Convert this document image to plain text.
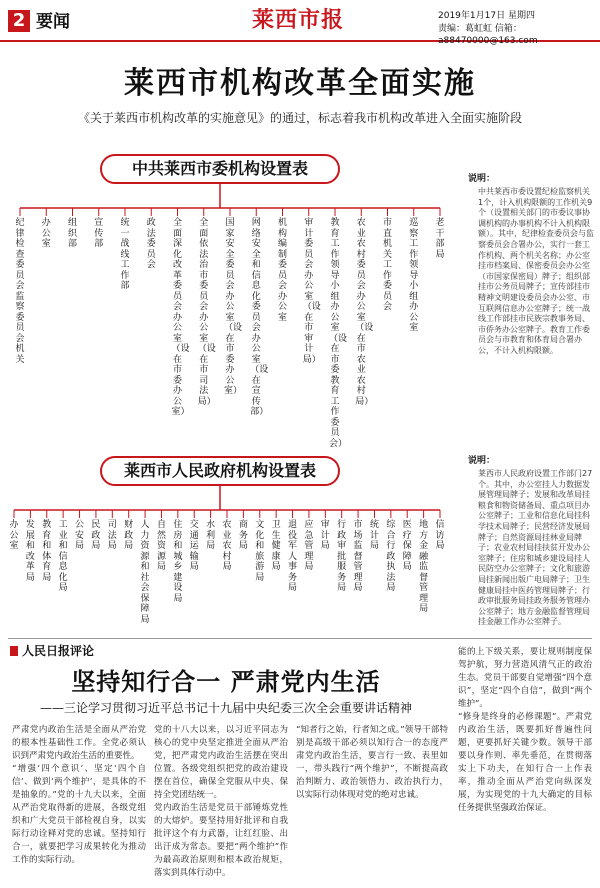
2 要闻	莱西市报	2019年1月17日 星期四
责编：葛虹虹 信箱：a88470000@163.com
莱西市机构改革全面实施
《关于莱西市机构改革的实施意见》的通过，标志着我市机构改革进入全面实施阶段
中共莱西市委机构设置表
纪律检查委员会监察委员会机关
办公室
组织部
宣传部
统一战线工作部
政法委员会
全面深化改革委员会办公室（设在市委办公室）
全面依法治市委员会办公室（设在市司法局）
国家安全委员会办公室（设在市委办公室）
网络安全和信息化委员会办公室（设在宣传部）
机构编制委员会办公室
审计委员会办公室（设在市审计局）
教育工作领导小组办公室（设在市委教育工作委员会）
农业农村委员会办公室（设在市农业农村局）
市直机关工作委员会
巡察工作领导小组办公室
老干部局
说明：
中共莱西市委设置纪检监察机关1个，计入机构限额的工作机关9个（设置相关部门的市委议事协调机构的办事机构不计入机构限额）。其中，纪律检查委员会与监察委员会合署办公，实行一套工作机构、两个机关名称；办公室挂市档案局、保密委员会办公室（市国家保密局）牌子；组织部挂市公务员局牌子；宣传部挂市精神文明建设委员会办公室、市互联网信息办公室牌子；统一战线工作部挂市民族宗教事务局、市侨务办公室牌子。教育工作委员会与市教育和体育局合署办公，不计入机构限额。
莱西市人民政府机构设置表
办公室
发展和改革局
教育和体育局
工业和信息化局
公安局
民政局
司法局
财政局
人力资源和社会保障局
自然资源局
住房和城乡建设局
交通运输局
水利局
农业农村局
商务局
文化和旅游局
卫生健康局
退役军人事务局
应急管理局
审计局
行政审批服务局
市场监督管理局
统计局
综合行政执法局
医疗保障局
地方金融监督管理局
信访局
说明：
莱西市人民政府设置工作部门27个。其中，办公室挂人力数据发展管理局牌子；发展和改革局挂粮食和物资储备局、重点项目办公室牌子；工业和信息化局挂科学技术局牌子；民营经济发展局牌子；自然资源局挂林业局牌子；农业农村局挂扶贫开发办公室牌子；住房和城乡建设局挂人民防空办公室牌子；文化和旅游局挂新闻出版广电局牌子；卫生健康局挂中医药管理局牌子；行政审批服务局挂政务服务管理办公室牌子；地方金融监督管理局挂金融工作办公室牌子。
人民日报评论
坚持知行合一 严肃党内生活
——三论学习贯彻习近平总书记十九届中央纪委三次全会重要讲话精神

严肃党内政治生活是全面从严治党的根本性基础性工作。全党必须认识到严肃党内政治生活的重要性。

“增强‘四个意识’、坚定‘四个自信’、做到‘两个维护’，是具体的不是抽象的。”党的十九大以来，全面从严治党取得新的进展，各级党组织和广大党员干部检视自身，以实际行动诠释对党的忠诚。坚持知行合一，就要把学习成果转化为推动工作的实际行动。

党的十八大以来，以习近平同志为核心的党中央坚定推进全面从严治党，把严肃党内政治生活摆在突出位置。各级党组织把党的政治建设摆在首位，确保全党服从中央、保持全党团结统一。

党内政治生活是党员干部锤炼党性的大熔炉。要坚持用好批评和自我批评这个有力武器，让红红脸、出出汗成为常态。要把“两个维护”作为最高政治原则和根本政治规矩，落实到具体行动中。

“知者行之始，行者知之成。”领导干部特别是高级干部必须以知行合一的态度严肃党内政治生活，要言行一致、表里如一，带头践行“两个维护”，不断提高政治判断力、政治领悟力、政治执行力，以实际行动体现对党的绝对忠诚。

能的上下级关系，要让规则制度保驾护航，努力营造风清气正的政治生态。党员干部要自觉增强“四个意识”，坚定“四个自信”，做到“两个维护”。

“修身是终身的必修课题”。严肃党内政治生活，既要抓好普遍性问题，更要抓好关键少数。领导干部要以身作则、率先垂范，在贯彻落实上下功夫，在知行合一上作表率，推动全面从严治党向纵深发展，为实现党的十九大确定的目标任务提供坚强政治保证。
